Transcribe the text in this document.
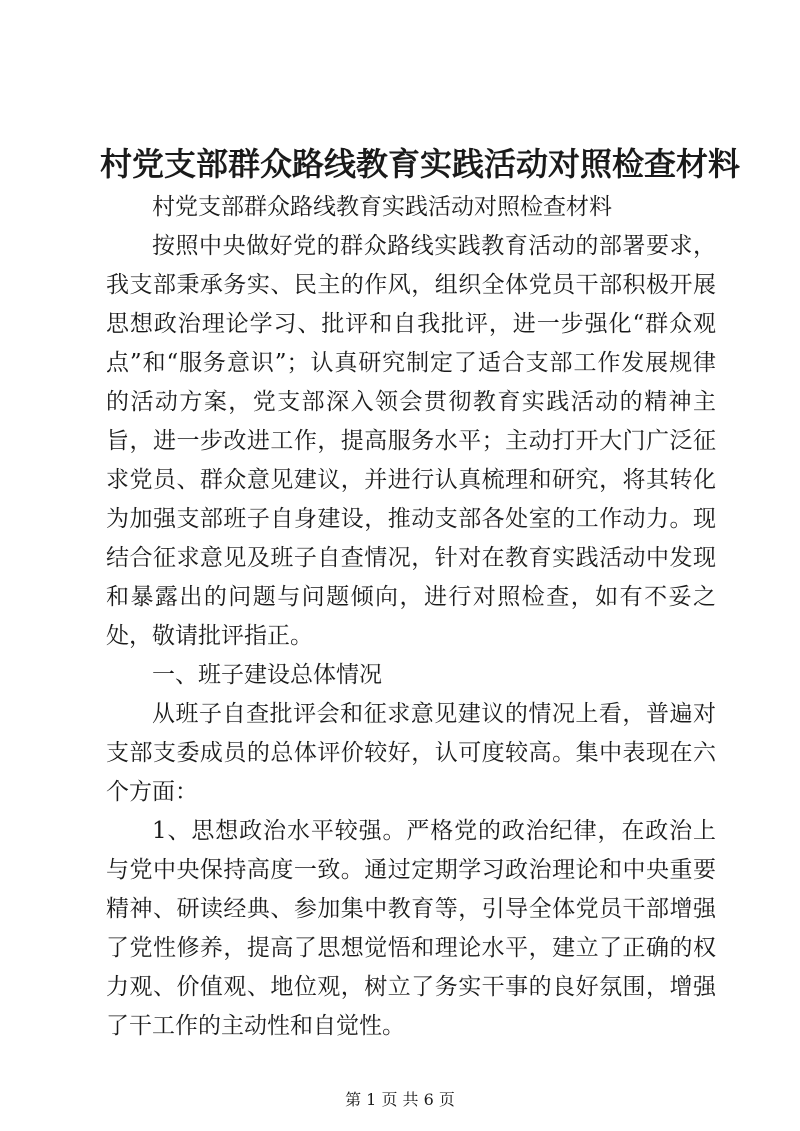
村党支部群众路线教育实践活动对照检查材料

村党支部群众路线教育实践活动对照检查材料

按照中央做好党的群众路线实践教育活动的部署要求，我支部秉承务实、民主的作风，组织全体党员干部积极开展思想政治理论学习、批评和自我批评，进一步强化“群众观点”和“服务意识”；认真研究制定了适合支部工作发展规律的活动方案，党支部深入领会贯彻教育实践活动的精神主旨，进一步改进工作，提高服务水平；主动打开大门广泛征求党员、群众意见建议，并进行认真梳理和研究，将其转化为加强支部班子自身建设，推动支部各处室的工作动力。现结合征求意见及班子自查情况，针对在教育实践活动中发现和暴露出的问题与问题倾向，进行对照检查，如有不妥之处，敬请批评指正。

一、班子建设总体情况

从班子自查批评会和征求意见建议的情况上看，普遍对支部支委成员的总体评价较好，认可度较高。集中表现在六个方面：

1、思想政治水平较强。严格党的政治纪律，在政治上与党中央保持高度一致。通过定期学习政治理论和中央重要精神、研读经典、参加集中教育等，引导全体党员干部增强了党性修养，提高了思想觉悟和理论水平，建立了正确的权力观、价值观、地位观，树立了务实干事的良好氛围，增强了干工作的主动性和自觉性。

第 1 页 共 6 页
